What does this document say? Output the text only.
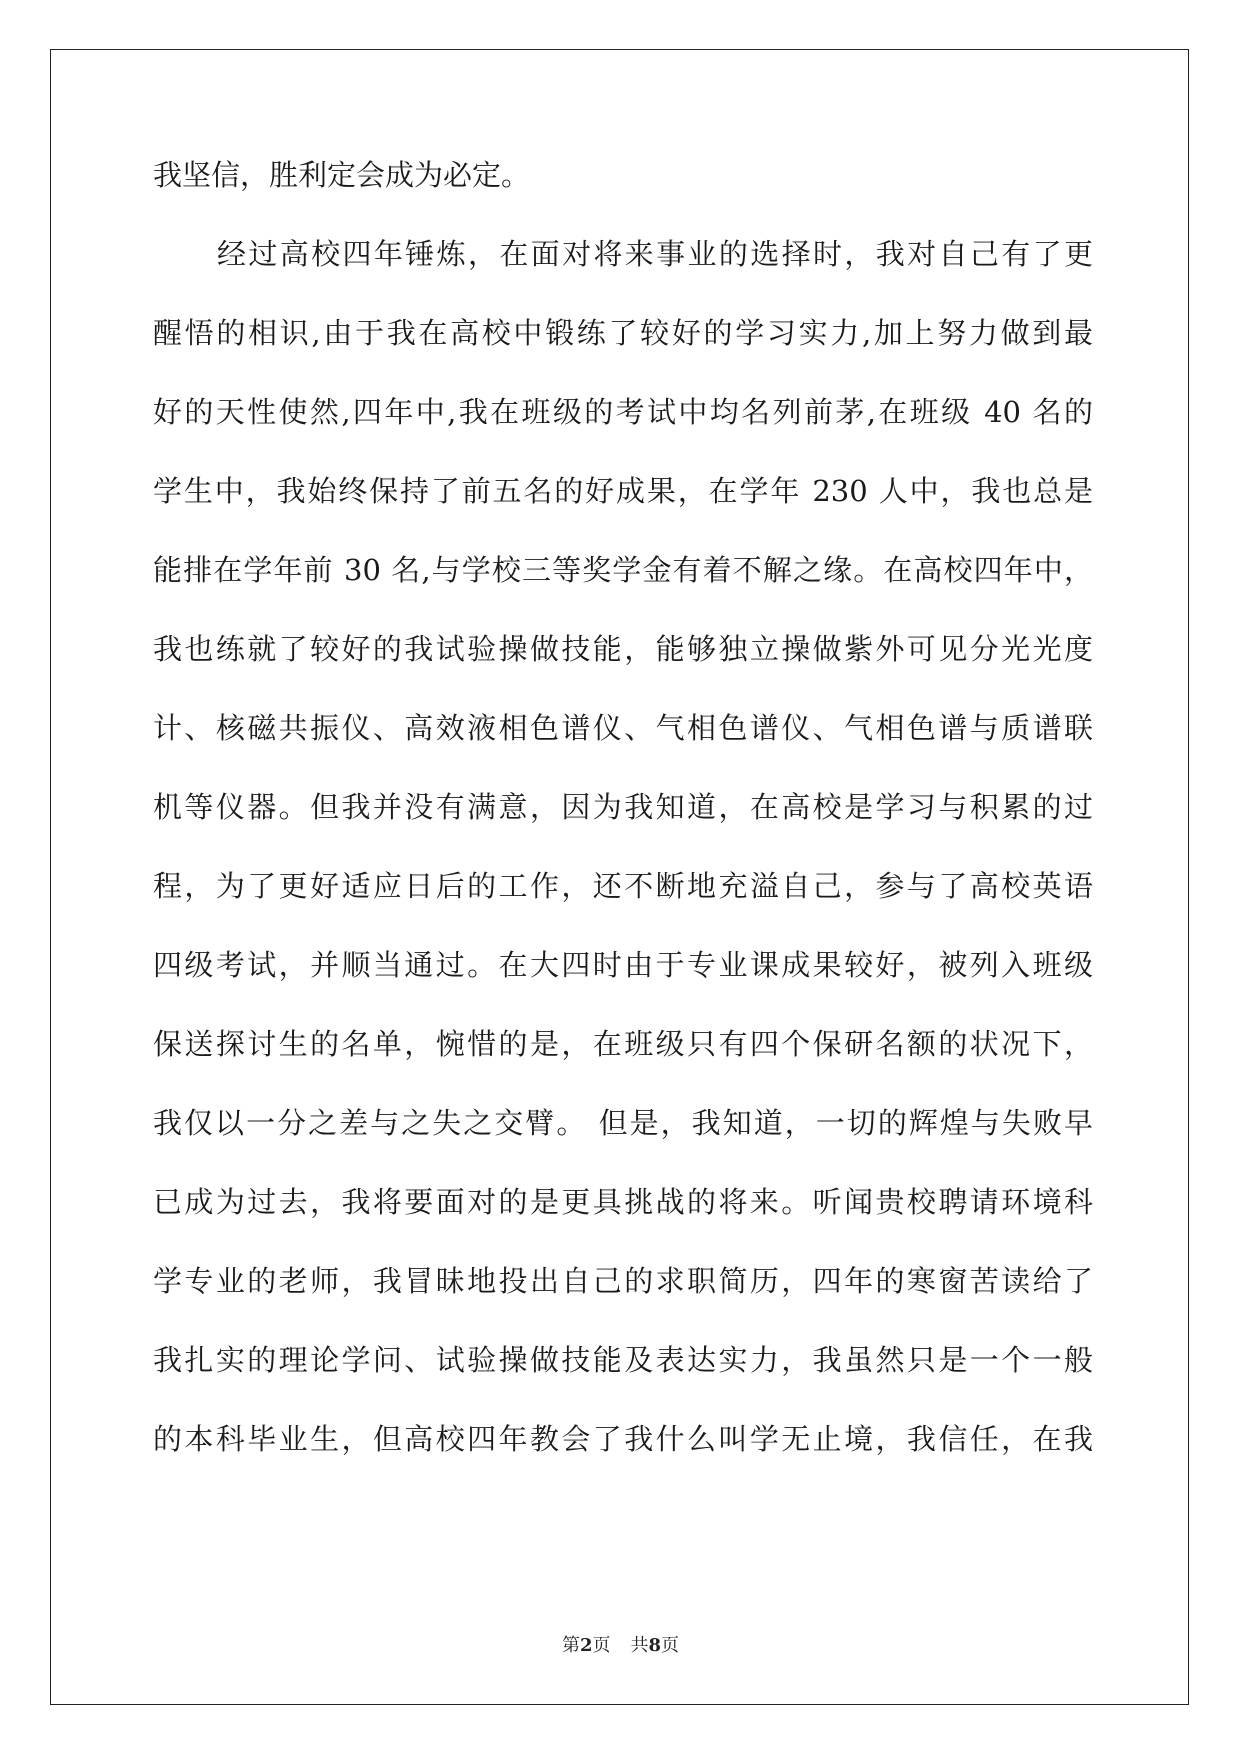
我坚信，胜利定会成为必定。
经过高校四年锤炼，在面对将来事业的选择时，我对自己有了更
醒悟的相识,由于我在高校中锻练了较好的学习实力,加上努力做到最
好的天性使然,四年中,我在班级的考试中均名列前茅,在班级 40 名的
学生中，我始终保持了前五名的好成果，在学年 230 人中，我也总是
能排在学年前 30 名,与学校三等奖学金有着不解之缘。在高校四年中，
我也练就了较好的我试验操做技能，能够独立操做紫外可见分光光度
计、核磁共振仪、高效液相色谱仪、气相色谱仪、气相色谱与质谱联
机等仪器。但我并没有满意，因为我知道，在高校是学习与积累的过
程，为了更好适应日后的工作，还不断地充溢自己，参与了高校英语
四级考试，并顺当通过。在大四时由于专业课成果较好，被列入班级
保送探讨生的名单，惋惜的是，在班级只有四个保研名额的状况下，
我仅以一分之差与之失之交臂。 但是，我知道，一切的辉煌与失败早
已成为过去，我将要面对的是更具挑战的将来。听闻贵校聘请环境科
学专业的老师，我冒昧地投出自己的求职简历，四年的寒窗苦读给了
我扎实的理论学问、试验操做技能及表达实力，我虽然只是一个一般
的本科毕业生，但高校四年教会了我什么叫学无止境，我信任，在我
第2页 共8页
